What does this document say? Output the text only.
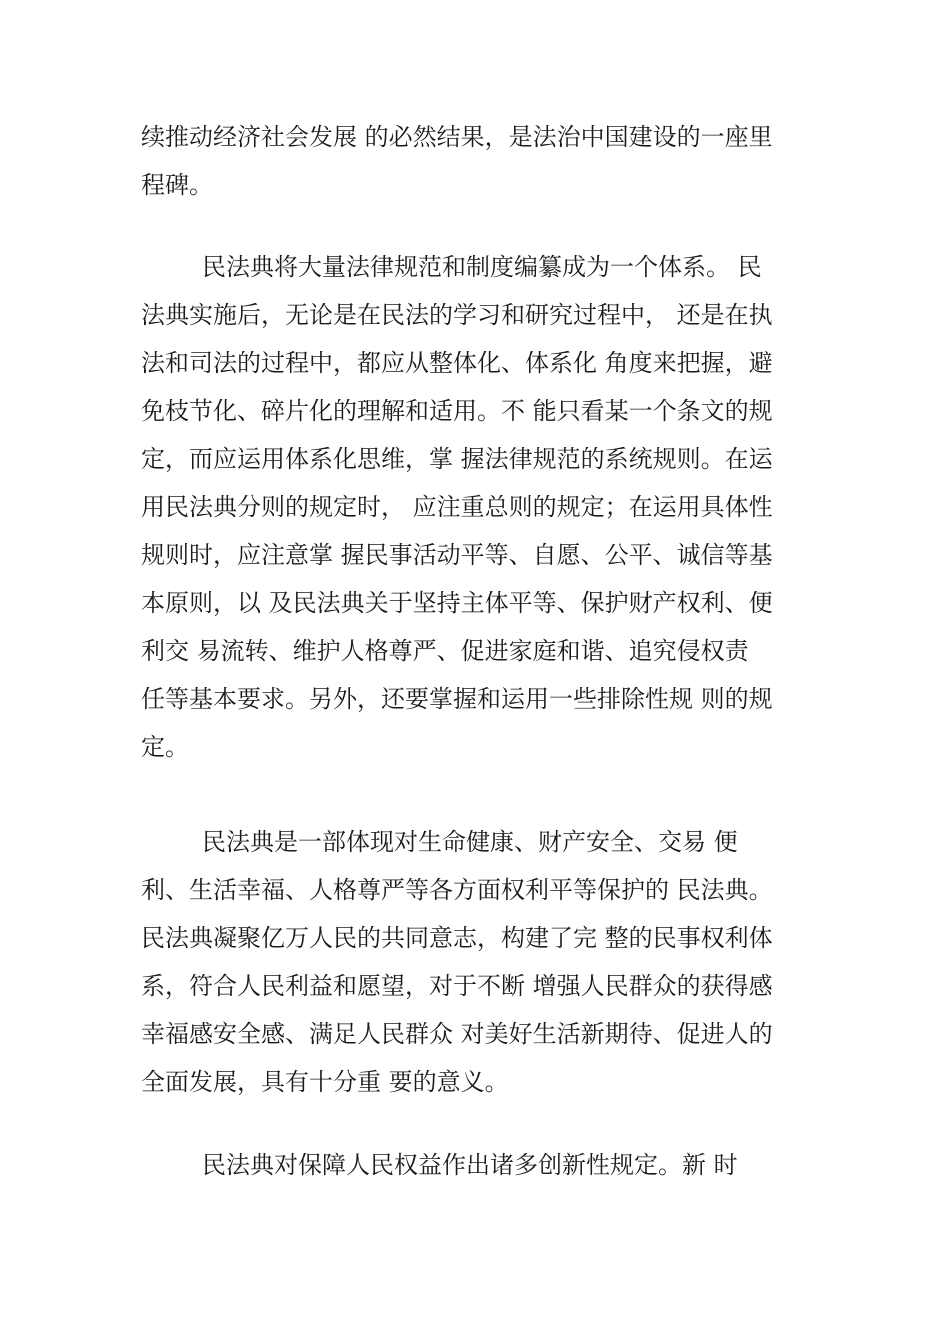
续推动经济社会发展 的必然结果，是法治中国建设的一座里
程碑。
民法典将大量法律规范和制度编纂成为一个体系。 民
法典实施后，无论是在民法的学习和研究过程中， 还是在执
法和司法的过程中，都应从整体化、体系化 角度来把握，避
免枝节化、碎片化的理解和适用。不 能只看某一个条文的规
定，而应运用体系化思维，掌 握法律规范的系统规则。在运
用民法典分则的规定时， 应注重总则的规定；在运用具体性
规则时，应注意掌 握民事活动平等、自愿、公平、诚信等基
本原则，以 及民法典关于坚持主体平等、保护财产权利、便
利交 易流转、维护人格尊严、促进家庭和谐、追究侵权责
任等基本要求。另外，还要掌握和运用一些排除性规 则的规
定。
民法典是一部体现对生命健康、财产安全、交易 便
利、生活幸福、人格尊严等各方面权利平等保护的 民法典。
民法典凝聚亿万人民的共同意志，构建了完 整的民事权利体
系，符合人民利益和愿望，对于不断 增强人民群众的获得感
幸福感安全感、满足人民群众 对美好生活新期待、促进人的
全面发展，具有十分重 要的意义。
民法典对保障人民权益作出诸多创新性规定。新 时
